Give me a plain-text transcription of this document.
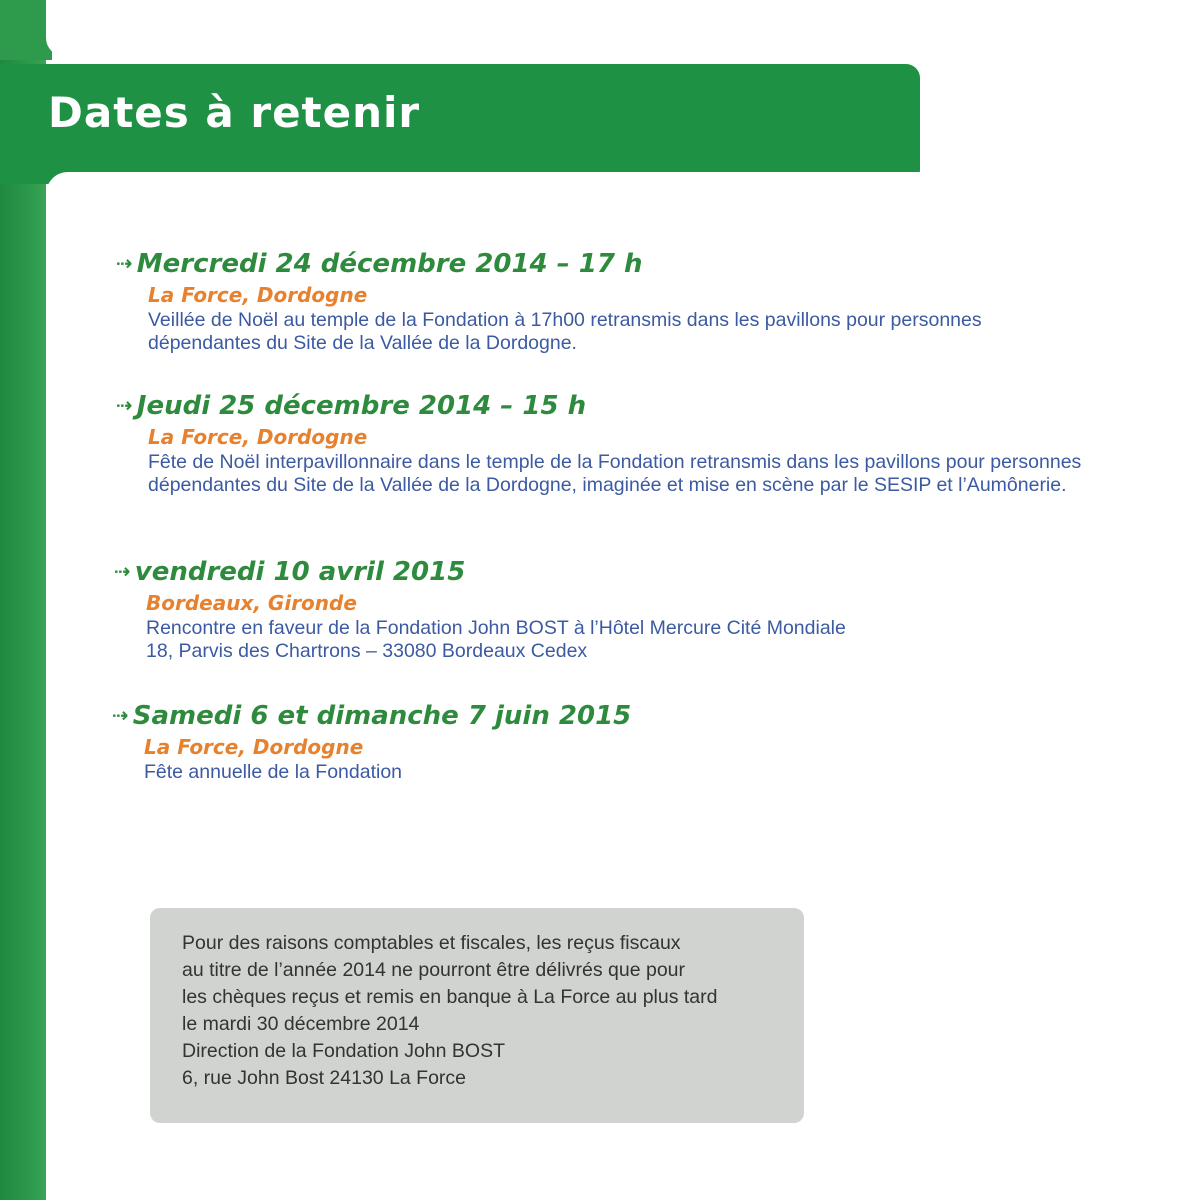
Dates à retenir

⇢ Mercredi 24 décembre 2014 – 17 h

La Force, Dordogne

Veillée de Noël au temple de la Fondation à 17h00 retransmis dans les pavillons pour personnes dépendantes du Site de la Vallée de la Dordogne.

⇢ Jeudi 25 décembre 2014 – 15 h

La Force, Dordogne

Fête de Noël interpavillonnaire dans le temple de la Fondation retransmis dans les pavillons pour personnes dépendantes du Site de la Vallée de la Dordogne, imaginée et mise en scène par le SESIP et l’Aumônerie.

⇢ vendredi 10 avril 2015

Bordeaux, Gironde

Rencontre en faveur de la Fondation John BOST à l’Hôtel Mercure Cité Mondiale
18, Parvis des Chartrons – 33080 Bordeaux Cedex

⇢ Samedi 6 et dimanche 7 juin 2015

La Force, Dordogne

Fête annuelle de la Fondation

Pour des raisons comptables et fiscales, les reçus fiscaux
au titre de l’année 2014 ne pourront être délivrés que pour
les chèques reçus et remis en banque à La Force au plus tard
le mardi 30 décembre 2014
Direction de la Fondation John BOST
6, rue John Bost 24130 La Force
